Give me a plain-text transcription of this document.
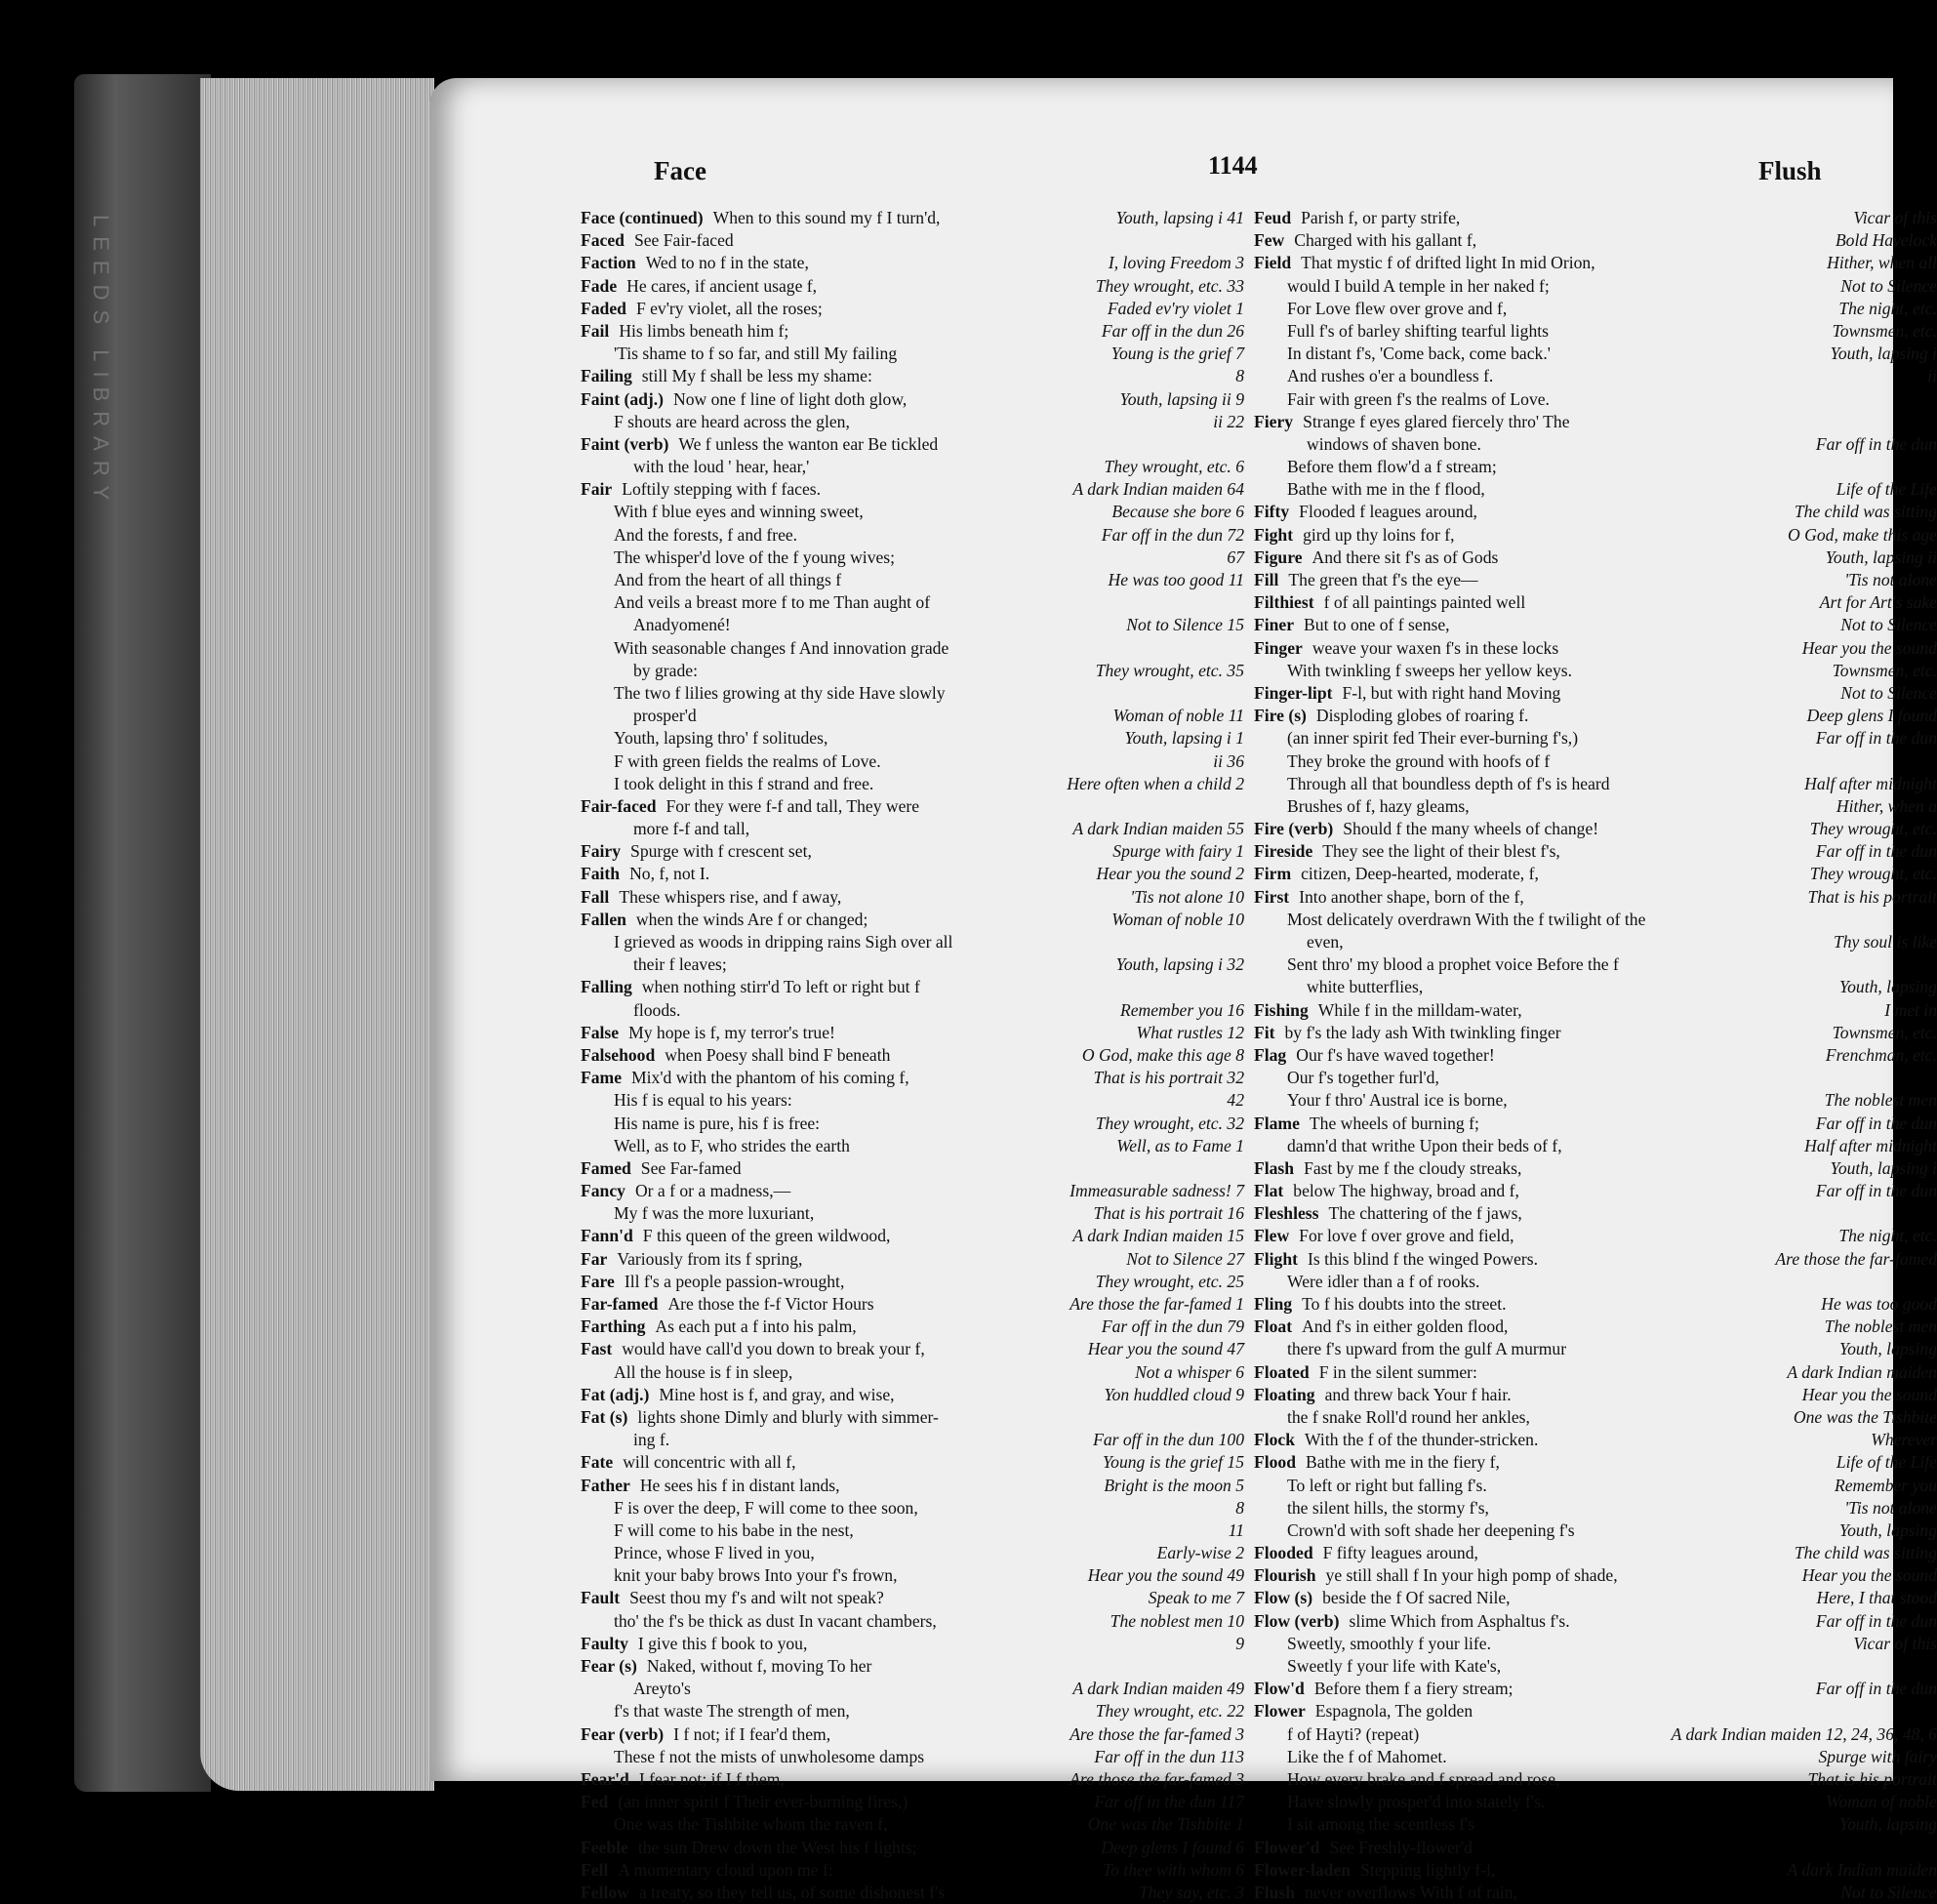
LEEDS LIBRARY
Face	1144	Flush
Face (continued) When to this sound my f I turn'd,	Youth, lapsing i 41
Faced See Fair-faced
Faction Wed to no f in the state,	I, loving Freedom 3
Fade He cares, if ancient usage f,	They wrought, etc. 33
Faded F ev'ry violet, all the roses;	Faded ev'ry violet 1
Fail His limbs beneath him f;	Far off in the dun 26
'Tis shame to f so far, and still My failing	Young is the grief 7
Failing still My f shall be less my shame:	8
Faint (adj.) Now one f line of light doth glow,	Youth, lapsing ii 9
F shouts are heard across the glen,	ii 22
Faint (verb) We f unless the wanton ear Be tickled
with the loud ' hear, hear,'	They wrought, etc. 6
Fair Loftily stepping with f faces.	A dark Indian maiden 64
With f blue eyes and winning sweet,	Because she bore 6
And the forests, f and free.	Far off in the dun 72
The whisper'd love of the f young wives;	67
And from the heart of all things f	He was too good 11
And veils a breast more f to me Than aught of
Anadyomené!	Not to Silence 15
With seasonable changes f And innovation grade
by grade:	They wrought, etc. 35
The two f lilies growing at thy side Have slowly
prosper'd	Woman of noble 11
Youth, lapsing thro' f solitudes,	Youth, lapsing i 1
F with green fields the realms of Love.	ii 36
I took delight in this f strand and free.	Here often when a child 2
Fair-faced For they were f-f and tall, They were
more f-f and tall,	A dark Indian maiden 55
Fairy Spurge with f crescent set,	Spurge with fairy 1
Faith No, f, not I.	Hear you the sound 2
Fall These whispers rise, and f away,	'Tis not alone 10
Fallen when the winds Are f or changed;	Woman of noble 10
I grieved as woods in dripping rains Sigh over all
their f leaves;	Youth, lapsing i 32
Falling when nothing stirr'd To left or right but f
floods.	Remember you 16
False My hope is f, my terror's true!	What rustles 12
Falsehood when Poesy shall bind F beneath	O God, make this age 8
Fame Mix'd with the phantom of his coming f,	That is his portrait 32
His f is equal to his years:	42
His name is pure, his f is free:	They wrought, etc. 32
Well, as to F, who strides the earth	Well, as to Fame 1
Famed See Far-famed
Fancy Or a f or a madness,—	Immeasurable sadness! 7
My f was the more luxuriant,	That is his portrait 16
Fann'd F this queen of the green wildwood,	A dark Indian maiden 15
Far Variously from its f spring,	Not to Silence 27
Fare Ill f's a people passion-wrought,	They wrought, etc. 25
Far-famed Are those the f-f Victor Hours	Are those the far-famed 1
Farthing As each put a f into his palm,	Far off in the dun 79
Fast would have call'd you down to break your f,	Hear you the sound 47
All the house is f in sleep,	Not a whisper 6
Fat (adj.) Mine host is f, and gray, and wise,	Yon huddled cloud 9
Fat (s) lights shone Dimly and blurly with simmer-
ing f.	Far off in the dun 100
Fate will concentric with all f,	Young is the grief 15
Father He sees his f in distant lands,	Bright is the moon 5
F is over the deep, F will come to thee soon,	8
F will come to his babe in the nest,	11
Prince, whose F lived in you,	Early-wise 2
knit your baby brows Into your f's frown,	Hear you the sound 49
Fault Seest thou my f's and wilt not speak?	Speak to me 7
tho' the f's be thick as dust In vacant chambers,	The noblest men 10
Faulty I give this f book to you,	9
Fear (s) Naked, without f, moving To her
Areyto's	A dark Indian maiden 49
f's that waste The strength of men,	They wrought, etc. 22
Fear (verb) I f not; if I fear'd them,	Are those the far-famed 3
These f not the mists of unwholesome damps	Far off in the dun 113
Fear'd I fear not; if I f them,	Are those the far-famed 3
Fed (an inner spirit f Their ever-burning fires,)	Far off in the dun 117
One was the Tishbite whom the raven f,	One was the Tishbite 1
Feeble the sun Drew down the West his f lights;	Deep glens I found 6
Fell A momentary cloud upon me f:	To thee with whom 6
Fellow a treaty, so they tell us, of some dishonest f's	They say, etc. 3
Feud Parish f, or party strife,	Vicar of this
Few Charged with his gallant f,	Bold Havelock
Field That mystic f of drifted light In mid Orion,	Hither, when all
would I build A temple in her naked f;	Not to Silence
For Love flew over grove and f,	The night, etc.
Full f's of barley shifting tearful lights	Townsmen, etc.
In distant f's, 'Come back, come back.'	Youth, lapsing i
And rushes o'er a boundless f.	ii
Fair with green f's the realms of Love.
Fiery Strange f eyes glared fiercely thro' The
windows of shaven bone.	Far off in the dun
Before them flow'd a f stream;
Bathe with me in the f flood,	Life of the Life
Fifty Flooded f leagues around,	The child was sitting
Fight gird up thy loins for f,	O God, make this age
Figure And there sit f's as of Gods	Youth, lapsing ii
Fill The green that f's the eye—	'Tis not alone
Filthiest f of all paintings painted well	Art for Art's sake
Finer But to one of f sense,	Not to Silence
Finger weave your waxen f's in these locks	Hear you the sound
With twinkling f sweeps her yellow keys.	Townsmen, etc.
Finger-lipt F-l, but with right hand Moving	Not to Silence
Fire (s) Disploding globes of roaring f.	Deep glens I found
(an inner spirit fed Their ever-burning f's,)	Far off in the dun
They broke the ground with hoofs of f
Through all that boundless depth of f's is heard	Half after midnight
Brushes of f, hazy gleams,	Hither, when a
Fire (verb) Should f the many wheels of change!	They wrought, etc.
Fireside They see the light of their blest f's,	Far off in the dun
Firm citizen, Deep-hearted, moderate, f,	They wrought, etc.
First Into another shape, born of the f,	That is his portrait
Most delicately overdrawn With the f twilight of the
even,	Thy soul is like
Sent thro' my blood a prophet voice Before the f
white butterflies,	Youth, lapsing
Fishing While f in the milldam-water,	I met in
Fit by f's the lady ash With twinkling finger	Townsmen, etc.
Flag Our f's have waved together!	Frenchman, etc.
Our f's together furl'd,
Your f thro' Austral ice is borne,	The noblest men
Flame The wheels of burning f;	Far off in the dun
damn'd that writhe Upon their beds of f,	Half after midnight
Flash Fast by me f the cloudy streaks,	Youth, lapsing i
Flat below The highway, broad and f,	Far off in the dun
Fleshless The chattering of the f jaws,
Flew For love f over grove and field,	The night, etc.
Flight Is this blind f the winged Powers.	Are those the far-famed
Were idler than a f of rooks.
Fling To f his doubts into the street.	He was too good
Float And f's in either golden flood,	The noblest men
there f's upward from the gulf A murmur	Youth, lapsing
Floated F in the silent summer:	A dark Indian maiden
Floating and threw back Your f hair.	Hear you the sound
the f snake Roll'd round her ankles,	One was the Tishbite
Flock With the f of the thunder-stricken.	Wherever
Flood Bathe with me in the fiery f,	Life of the Life
To left or right but falling f's.	Remember you
the silent hills, the stormy f's,	'Tis not alone
Crown'd with soft shade her deepening f's	Youth, lapsing
Flooded F fifty leagues around,	The child was sitting
Flourish ye still shall f In your high pomp of shade,	Hear you the sound
Flow (s) beside the f Of sacred Nile,	Here, I that stood
Flow (verb) slime Which from Asphaltus f's.	Far off in the dun
Sweetly, smoothly f your life.	Vicar of this
Sweetly f your life with Kate's,
Flow'd Before them f a fiery stream;	Far off in the dun
Flower Espagnola, The golden
f of Hayti? (repeat)	A dark Indian maiden 12, 24, 36, 48, 6
Like the f of Mahomet.	Spurge with fairy
How every brake and f spread and rose,	That is his portrait
Have slowly prosper'd into stately f's.	Woman of noble
I sit among the scentless f's	Youth, lapsing
Flower'd See Freshly-flower'd
Flower-laden Stepping lightly f-l,	A dark Indian maiden
Flush never overflows With f of rain,	Not to Silence
